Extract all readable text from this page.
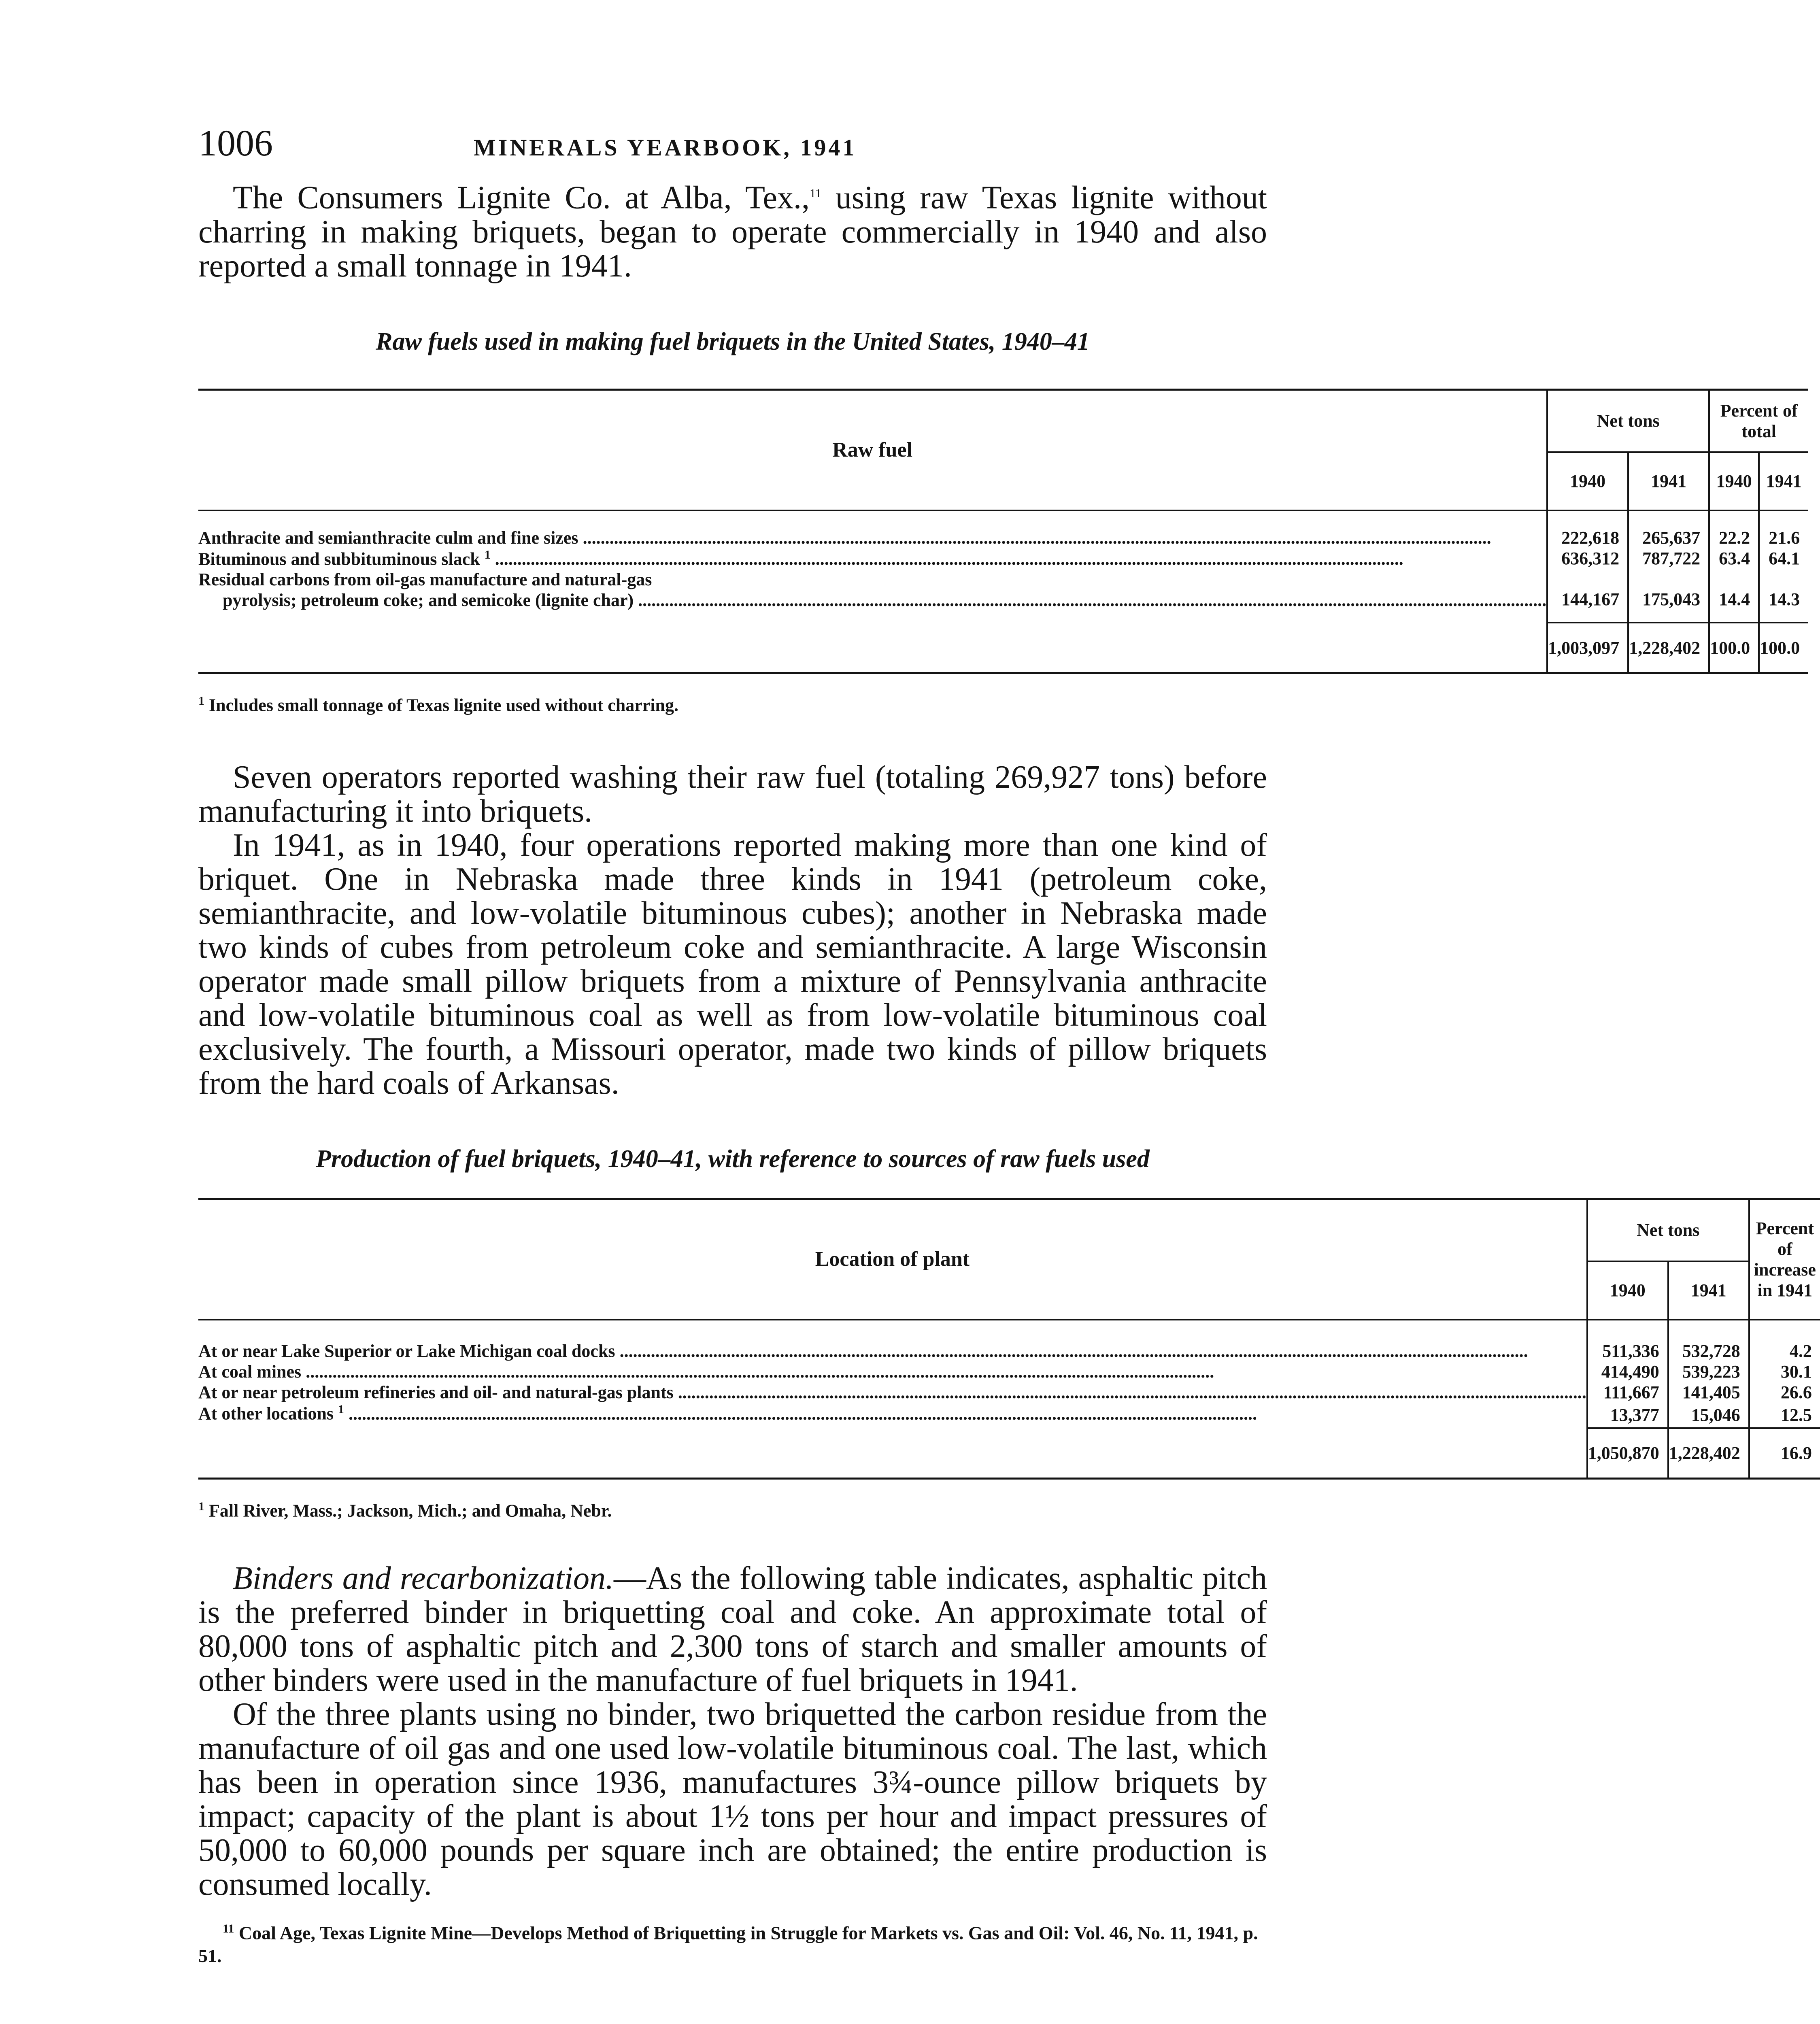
1006	MINERALS YEARBOOK, 1941

The Consumers Lignite Co. at Alba, Tex.,$^{11}$ using raw Texas lignite without charring in making briquets, began to operate commercially in 1940 and also reported a small tonnage in 1941.

Raw fuels used in making fuel briquets in the United States, 1940–41
Raw fuel	Net tons		Percent of total	
	1940	1941	1940	1941
Anthracite and semianthracite culm and fine sizes .....	222,618	265,637	22.2	21.6
Bituminous and subbituminous slack $^1$ .....	636,312	787,722	63.4	64.1

Residual carbons from oil-gas manufacture and natural-gas
pyrolysis; petroleum coke; and semicoke (lignite char) .....	144,167	175,043	14.4	14.3
	1,003,097	1,228,402	100.0	100.0
$^1$ Includes small tonnage of Texas lignite used without charring.

Seven operators reported washing their raw fuel (totaling 269,927 tons) before manufacturing it into briquets.

In 1941, as in 1940, four operations reported making more than one kind of briquet. One in Nebraska made three kinds in 1941 (petroleum coke, semianthracite, and low-volatile bituminous cubes); another in Nebraska made two kinds of cubes from petroleum coke and semianthracite. A large Wisconsin operator made small pillow briquets from a mixture of Pennsylvania anthracite and low-volatile bituminous coal as well as from low-volatile bituminous coal exclusively. The fourth, a Missouri operator, made two kinds of pillow briquets from the hard coals of Arkansas.

Production of fuel briquets, 1940–41, with reference to sources of raw fuels used
Location of plant	Net tons		Percent of increase in 1941
	1940	1941	
At or near Lake Superior or Lake Michigan coal docks .....	511,336	532,728	4.2
At coal mines .....	414,490	539,223	30.1
At or near petroleum refineries and oil- and natural-gas plants .....	111,667	141,405	26.6
At other locations $^1$ .....	13,377	15,046	12.5
	1,050,870	1,228,402	16.9
$^1$ Fall River, Mass.; Jackson, Mich.; and Omaha, Nebr.

Binders and recarbonization.—As the following table indicates, asphaltic pitch is the preferred binder in briquetting coal and coke. An approximate total of 80,000 tons of asphaltic pitch and 2,300 tons of starch and smaller amounts of other binders were used in the manufacture of fuel briquets in 1941.

Of the three plants using no binder, two briquetted the carbon residue from the manufacture of oil gas and one used low-volatile bituminous coal. The last, which has been in operation since 1936, manufactures 3¾-ounce pillow briquets by impact; capacity of the plant is about 1½ tons per hour and impact pressures of 50,000 to 60,000 pounds per square inch are obtained; the entire production is consumed locally.

$^{11}$ Coal Age, Texas Lignite Mine—Develops Method of Briquetting in Struggle for Markets vs. Gas and Oil: Vol. 46, No. 11, 1941, p. 51.
